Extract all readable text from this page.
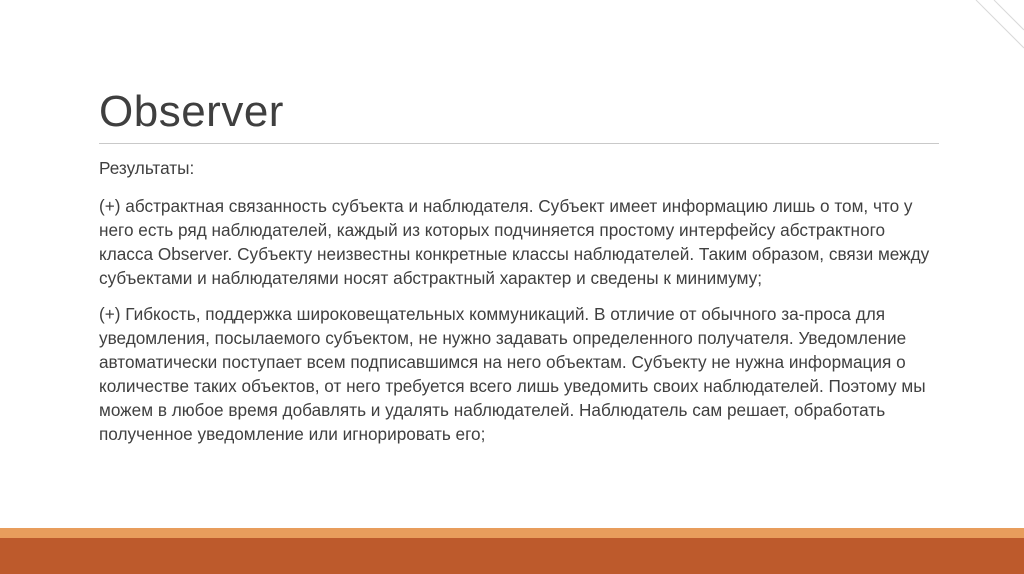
Observer

Результаты:

(+) абстрактная связанность субъекта и наблюдателя. Субъект имеет информацию лишь о том, что у него есть ряд наблюдателей, каждый из которых подчиняется простому интерфейсу абстрактного класса Observer. Субъекту неизвестны конкретные классы наблюдателей. Таким образом, связи между субъектами и наблюдателями носят абстрактный характер и сведены к минимуму;

(+) Гибкость, поддержка широковещательных коммуникаций. В отличие от обычного за-проса для уведомления, посылаемого субъектом, не нужно задавать определенного получателя. Уведомление автоматически поступает всем подписавшимся на него объектам. Субъекту не нужна информация о количестве таких объектов, от него требуется всего лишь уведомить своих наблюдателей. Поэтому мы можем в любое время добавлять и удалять наблюдателей. Наблюдатель сам решает, обработать полученное уведомление или игнорировать его;
